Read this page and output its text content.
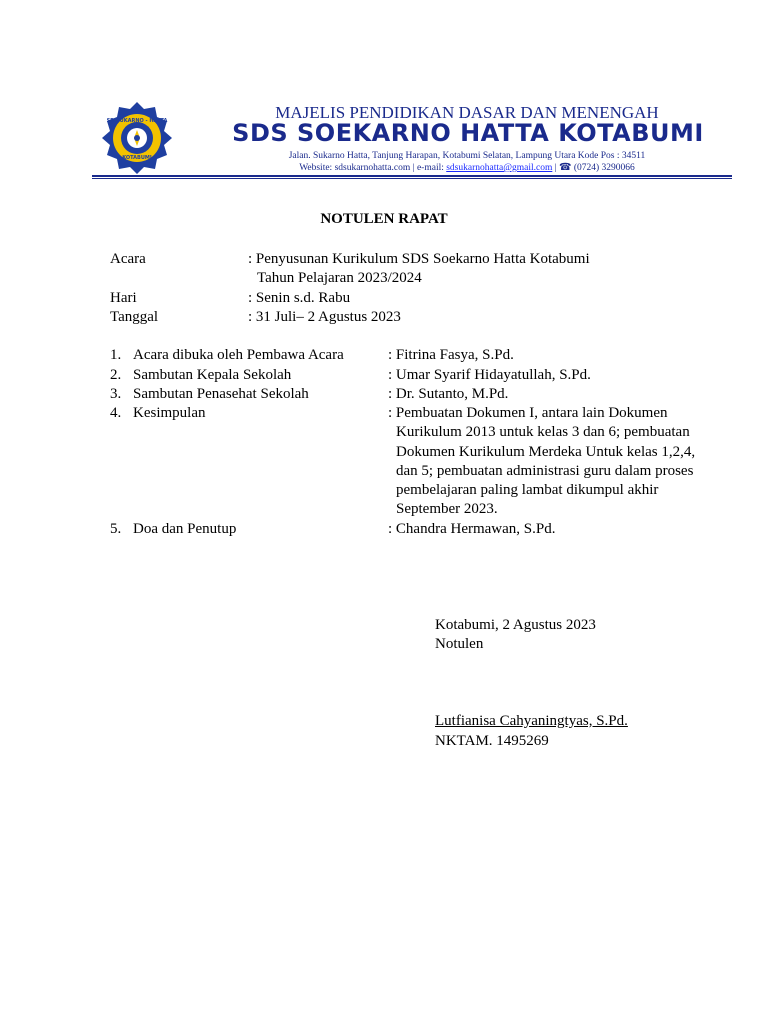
SD SUKARNO - HATTA
KOTABUMI
MAJELIS PENDIDIKAN DASAR DAN MENENGAH
SDS SOEKARNO HATTA KOTABUMI
Jalan. Sukarno Hatta, Tanjung Harapan, Kotabumi Selatan, Lampung Utara Kode Pos : 34511
Website: sdsukarnohatta.com | e-mail: sdsukarnohatta@gmail.com | ☎ (0724) 3290066
NOTULEN RAPAT
Acara	: Penyusunan Kurikulum SDS Soekarno Hatta Kotabumi
Tahun Pelajaran 2023/2024
Hari	: Senin s.d. Rabu
Tanggal	: 31 Juli– 2 Agustus 2023
1. Acara dibuka oleh Pembawa Acara	: Fitrina Fasya, S.Pd.
2. Sambutan Kepala Sekolah	: Umar Syarif Hidayatullah, S.Pd.
3. Sambutan Penasehat Sekolah	: Dr. Sutanto, M.Pd.
4. Kesimpulan	: Pembuatan Dokumen I, antara lain Dokumen
Kurikulum 2013 untuk kelas 3 dan 6; pembuatan
Dokumen Kurikulum Merdeka Untuk kelas 1,2,4,
dan 5; pembuatan administrasi guru dalam proses
pembelajaran paling lambat dikumpul akhir
September 2023.
5. Doa dan Penutup	: Chandra Hermawan, S.Pd.
Kotabumi, 2 Agustus 2023
Notulen
Lutfianisa Cahyaningtyas, S.Pd.
NKTAM. 1495269
